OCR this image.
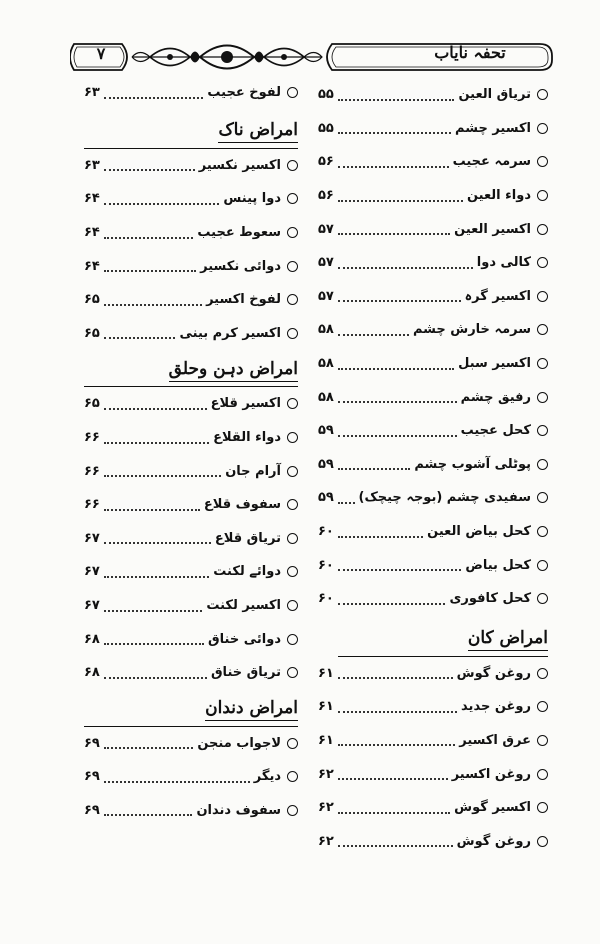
تحفہ نایاب
۷
تریاق العین
۵۵
اکسیر چشم
۵۵
سرمہ عجیب
۵۶
دواء العین
۵۶
اکسیر العین
۵۷
کالی دوا
۵۷
اکسیر گرہ
۵۷
سرمہ خارش چشم
۵۸
اکسیر سبل
۵۸
رفیق چشم
۵۸
کحل عجیب
۵۹
پوٹلی آشوب چشم
۵۹
سفیدی چشم (بوجہ چیچک)
۵۹
کحل بیاض العین
۶۰
کحل بیاض
۶۰
کحل کافوری
۶۰
امراض کان
روغن گوش
۶۱
روغن جدید
۶۱
عرق اکسیر
۶۱
روغن اکسیر
۶۲
اکسیر گوش
۶۲
روغن گوش
۶۲
لفوخ عجیب
۶۳
امراض ناک
اکسیر نکسیر
۶۳
دوا پینس
۶۴
سعوط عجیب
۶۴
دوائی نکسیر
۶۴
لفوخ اکسیر
۶۵
اکسیر کرم بینی
۶۵
امراض دہن وحلق
اکسیر قلاع
۶۵
دواء القلاع
۶۶
آرام جان
۶۶
سفوف قلاع
۶۶
تریاق قلاع
۶۷
دوائے لکنت
۶۷
اکسیر لکنت
۶۷
دوائی خناق
۶۸
تریاق خناق
۶۸
امراض دندان
لاجواب منجن
۶۹
دیگر
۶۹
سفوف دندان
۶۹
